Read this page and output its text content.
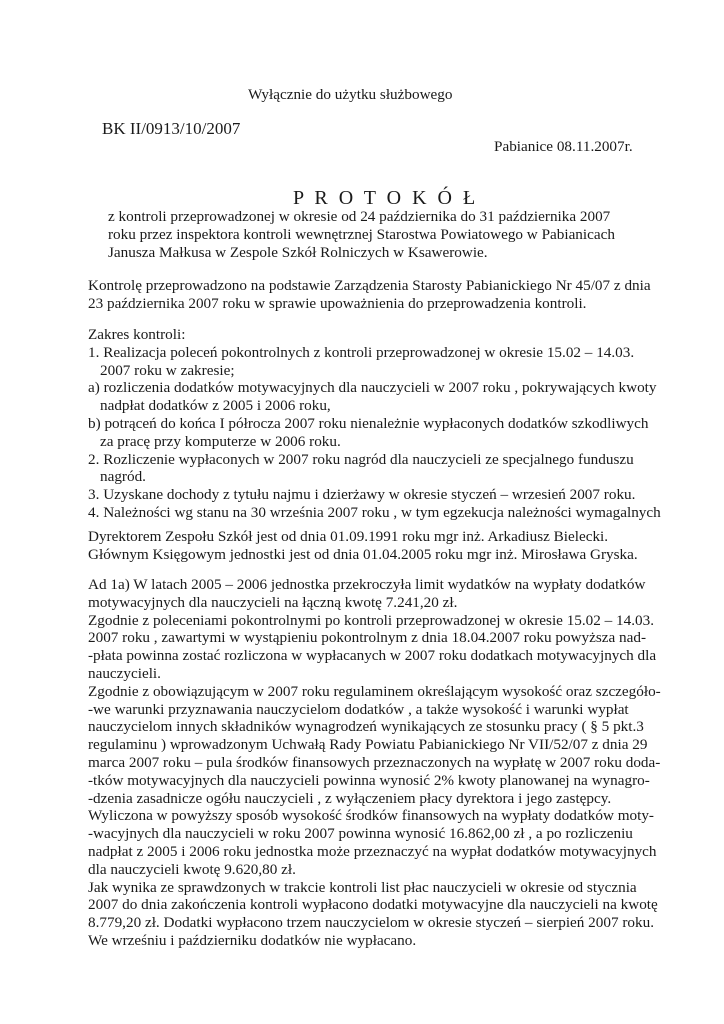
Wyłącznie do użytku służbowego
BK II/0913/10/2007
Pabianice 08.11.2007r.
P R O T O K Ó Ł
z kontroli przeprowadzonej w okresie od 24 października do 31 października 2007
roku przez inspektora kontroli wewnętrznej Starostwa Powiatowego w Pabianicach
Janusza Małkusa w Zespole Szkół Rolniczych w Ksawerowie.
Kontrolę przeprowadzono na podstawie Zarządzenia Starosty Pabianickiego Nr 45/07 z dnia
23 października 2007 roku w sprawie upoważnienia do przeprowadzenia kontroli.
Zakres kontroli:
1. Realizacja poleceń pokontrolnych z kontroli przeprowadzonej w okresie 15.02 – 14.03.
2007 roku w zakresie;
a) rozliczenia dodatków motywacyjnych dla nauczycieli w 2007 roku , pokrywających kwoty
nadpłat dodatków z 2005 i 2006 roku,
b) potrąceń do końca I półrocza 2007 roku nienależnie wypłaconych dodatków szkodliwych
za pracę przy komputerze w 2006 roku.
2. Rozliczenie wypłaconych w 2007 roku nagród dla nauczycieli ze specjalnego funduszu
nagród.
3. Uzyskane dochody z tytułu najmu i dzierżawy w okresie styczeń – wrzesień 2007 roku.
4. Należności wg stanu na 30 września 2007 roku , w tym egzekucja należności wymagalnych
Dyrektorem Zespołu Szkół jest od dnia 01.09.1991 roku mgr inż. Arkadiusz Bielecki.
Głównym Księgowym jednostki jest od dnia 01.04.2005 roku mgr inż. Mirosława Gryska.
Ad 1a) W latach 2005 – 2006 jednostka przekroczyła limit wydatków na wypłaty dodatków
motywacyjnych dla nauczycieli na łączną kwotę 7.241,20 zł.
Zgodnie z poleceniami pokontrolnymi po kontroli przeprowadzonej w okresie 15.02 – 14.03.
2007 roku , zawartymi w wystąpieniu pokontrolnym z dnia 18.04.2007 roku powyższa nad-
-płata powinna zostać rozliczona w wypłacanych w 2007 roku dodatkach motywacyjnych dla
nauczycieli.
Zgodnie z obowiązującym w 2007 roku regulaminem określającym wysokość oraz szczegóło-
-we warunki przyznawania nauczycielom dodatków , a także wysokość i warunki wypłat
nauczycielom innych składników wynagrodzeń wynikających ze stosunku pracy ( § 5 pkt.3
regulaminu ) wprowadzonym Uchwałą Rady Powiatu Pabianickiego Nr VII/52/07 z dnia 29
marca 2007 roku – pula środków finansowych przeznaczonych na wypłatę w 2007 roku doda-
-tków motywacyjnych dla nauczycieli powinna wynosić 2% kwoty planowanej na wynagro-
-dzenia zasadnicze ogółu nauczycieli , z wyłączeniem płacy dyrektora i jego zastępcy.
Wyliczona w powyższy sposób wysokość środków finansowych na wypłaty dodatków moty-
-wacyjnych dla nauczycieli w roku 2007 powinna wynosić 16.862,00 zł , a po rozliczeniu
nadpłat z 2005 i 2006 roku jednostka może przeznaczyć na wypłat dodatków motywacyjnych
dla nauczycieli kwotę 9.620,80 zł.
Jak wynika ze sprawdzonych w trakcie kontroli list płac nauczycieli w okresie od stycznia
2007 do dnia zakończenia kontroli wypłacono dodatki motywacyjne dla nauczycieli na kwotę
8.779,20 zł. Dodatki wypłacono trzem nauczycielom w okresie styczeń – sierpień 2007 roku.
We wrześniu i październiku dodatków nie wypłacano.
